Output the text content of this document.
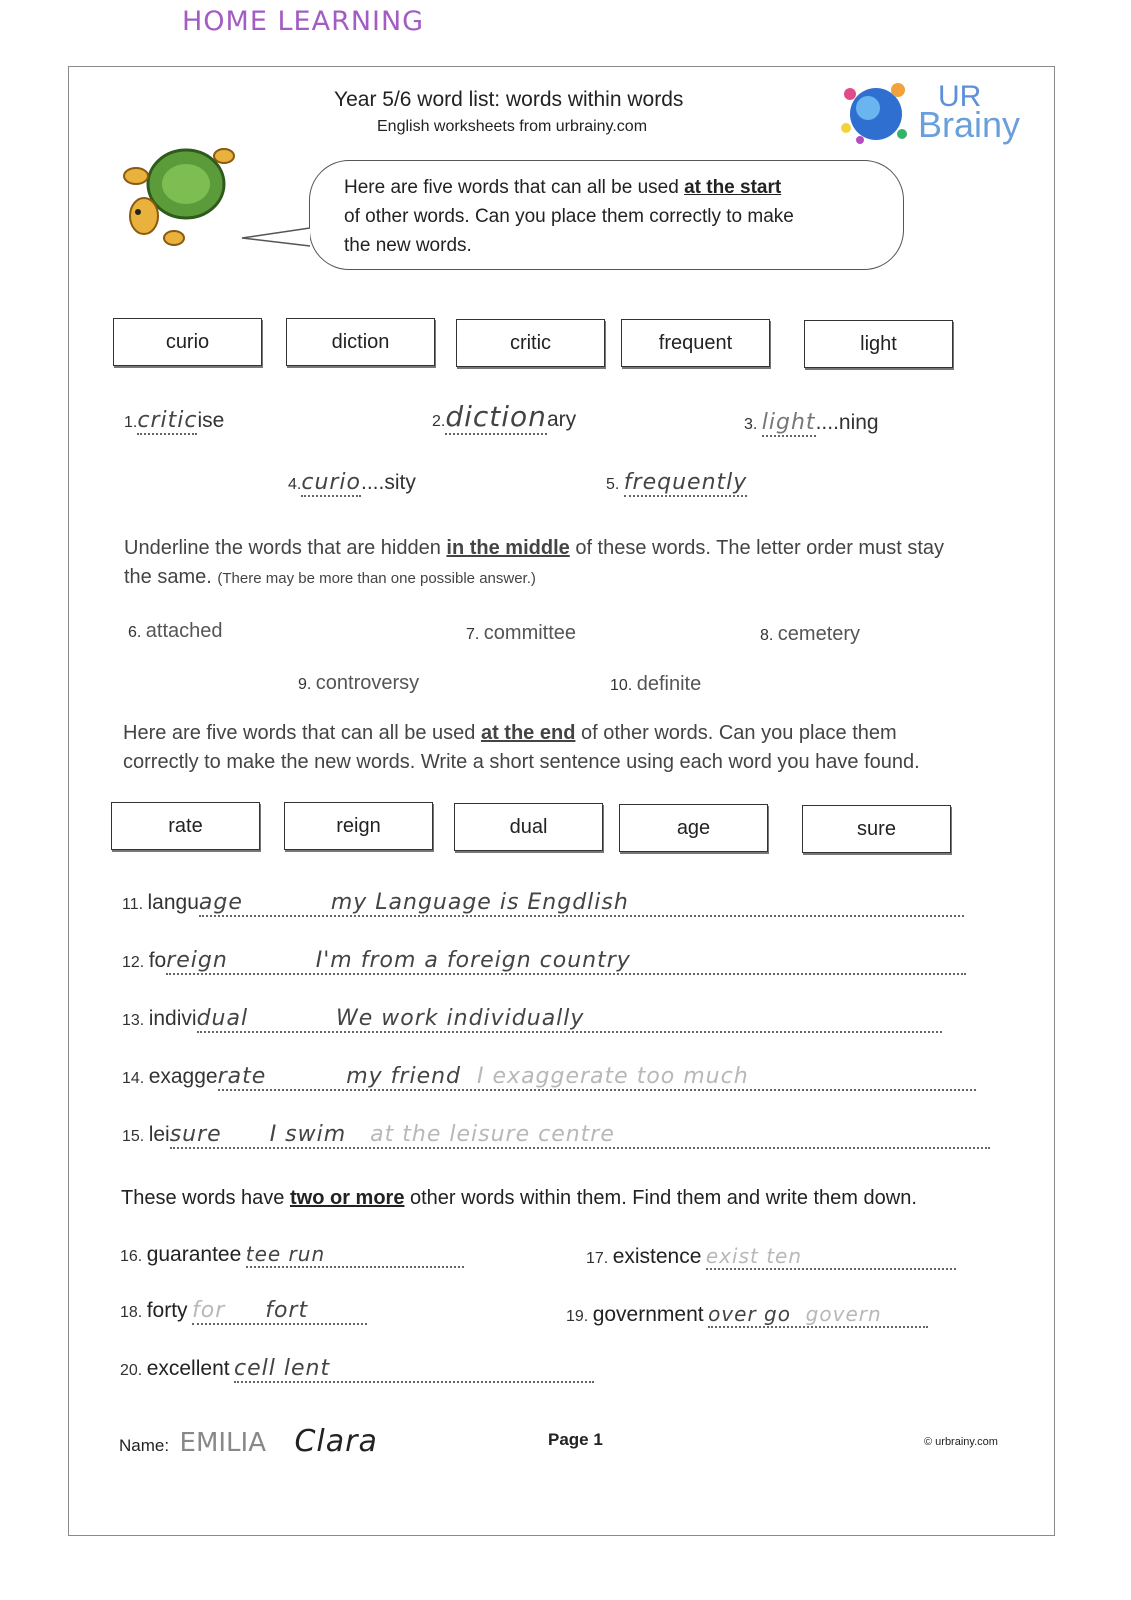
HOME LEARNING
Year 5/6 word list: words within words
English worksheets from urbrainy.com
UR
Brainy
Here are five words that can all be used at the start
of other words. Can you place them correctly to make
the new words.
curio	diction	critic	frequent	light
1.criticise	2.dictionary	3. light....ning
4.curio....sity	5. frequently
Underline the words that are hidden in the middle of these words. The letter order must stay
the same. (There may be more than one possible answer.)
6. attached	7. committee	8. cemetery
9. controversy	10. definite
Here are five words that can all be used at the end of other words. Can you place them
correctly to make the new words. Write a short sentence using each word you have found.
rate	reign	dual	age	sure
11. language	my Language is Engdlish
12. foreign	I'm from a foreign country
13. individual	We work individually
14. exaggerate	my friend I exaggerate too much
15. leisure I swim at the leisure centre
These words have two or more other words within them. Find them and write them down.
16. guarantee tee run	17. existence exist ten
18. forty for fort	19. government over go govern
20. excellent cell lent
Name: EMILIA Clara	Page 1	© urbrainy.com
